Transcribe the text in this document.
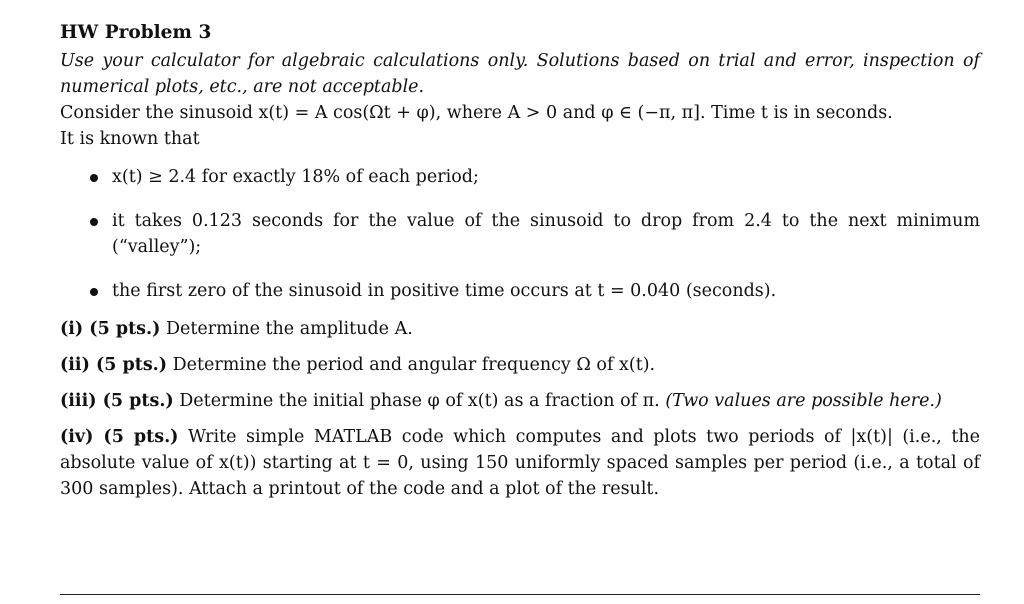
HW Problem 3

Use your calculator for algebraic calculations only. Solutions based on trial and error, inspection of numerical plots, etc., are not acceptable.

Consider the sinusoid x(t) = A cos(Ωt + φ), where A > 0 and φ ∈ (−π, π]. Time t is in seconds.

It is known that

x(t) ≥ 2.4 for exactly 18% of each period;
it takes 0.123 seconds for the value of the sinusoid to drop from 2.4 to the next minimum (“valley”);
the first zero of the sinusoid in positive time occurs at t = 0.040 (seconds).

(i) (5 pts.) Determine the amplitude A.

(ii) (5 pts.) Determine the period and angular frequency Ω of x(t).

(iii) (5 pts.) Determine the initial phase φ of x(t) as a fraction of π. (Two values are possible here.)

(iv) (5 pts.) Write simple MATLAB code which computes and plots two periods of |x(t)| (i.e., the absolute value of x(t)) starting at t = 0, using 150 uniformly spaced samples per period (i.e., a total of 300 samples). Attach a printout of the code and a plot of the result.
